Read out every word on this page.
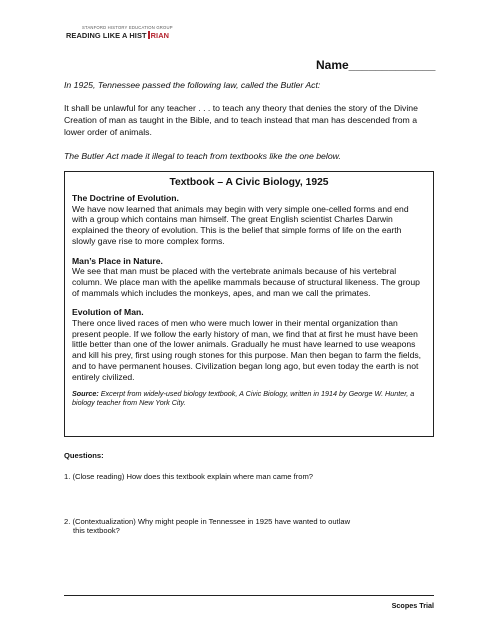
STANFORD HISTORY EDUCATION GROUP
READING LIKE A HIST RIAN
Name_____________
In 1925, Tennessee passed the following law, called the Butler Act:
It shall be unlawful for any teacher . . . to teach any theory that denies the story of the Divine Creation of man as taught in the Bible, and to teach instead that man has descended from a lower order of animals.
The Butler Act made it illegal to teach from textbooks like the one below.
Textbook – A Civic Biology, 1925
The Doctrine of Evolution.
We have now learned that animals may begin with very simple one-celled forms and end with a group which contains man himself. The great English scientist Charles Darwin explained the theory of evolution. This is the belief that simple forms of life on the earth slowly gave rise to more complex forms.
Man’s Place in Nature.
We see that man must be placed with the vertebrate animals because of his vertebral column. We place man with the apelike mammals because of structural likeness. The group of mammals which includes the monkeys, apes, and man we call the primates.
Evolution of Man.
There once lived races of men who were much lower in their mental organization than present people. If we follow the early history of man, we find that at first he must have been little better than one of the lower animals. Gradually he must have learned to use weapons and kill his prey, first using rough stones for this purpose. Man then began to farm the fields, and to have permanent houses. Civilization began long ago, but even today the earth is not entirely civilized.
Source: Excerpt from widely-used biology textbook, A Civic Biology, written in 1914 by George W. Hunter, a biology teacher from New York City.
Questions:
1. (Close reading) How does this textbook explain where man came from?
2. (Contextualization) Why might people in Tennessee in 1925 have wanted to outlaw
this textbook?
Scopes Trial
